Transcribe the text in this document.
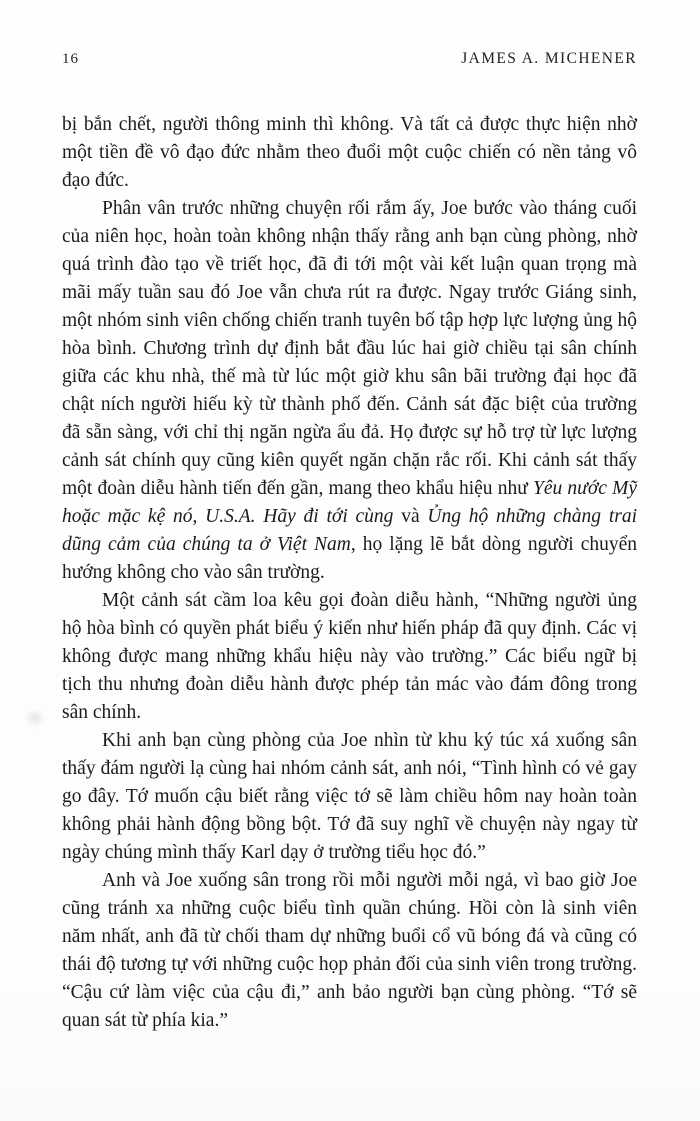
16	JAMES A. MICHENER

bị bắn chết, người thông minh thì không. Và tất cả được thực hiện nhờ một tiền đề vô đạo đức nhằm theo đuổi một cuộc chiến có nền tảng vô đạo đức.

Phân vân trước những chuyện rối rắm ấy, Joe bước vào tháng cuối của niên học, hoàn toàn không nhận thấy rằng anh bạn cùng phòng, nhờ quá trình đào tạo về triết học, đã đi tới một vài kết luận quan trọng mà mãi mấy tuần sau đó Joe vẫn chưa rút ra được. Ngay trước Giáng sinh, một nhóm sinh viên chống chiến tranh tuyên bố tập hợp lực lượng ủng hộ hòa bình. Chương trình dự định bắt đầu lúc hai giờ chiều tại sân chính giữa các khu nhà, thế mà từ lúc một giờ khu sân bãi trường đại học đã chật ních người hiếu kỳ từ thành phố đến. Cảnh sát đặc biệt của trường đã sẵn sàng, với chỉ thị ngăn ngừa ẩu đả. Họ được sự hỗ trợ từ lực lượng cảnh sát chính quy cũng kiên quyết ngăn chặn rắc rối. Khi cảnh sát thấy một đoàn diễu hành tiến đến gần, mang theo khẩu hiệu như Yêu nước Mỹ hoặc mặc kệ nó, U.S.A. Hãy đi tới cùng và Ủng hộ những chàng trai dũng cảm của chúng ta ở Việt Nam, họ lặng lẽ bắt dòng người chuyển hướng không cho vào sân trường.

Một cảnh sát cầm loa kêu gọi đoàn diễu hành, “Những người ủng hộ hòa bình có quyền phát biểu ý kiến như hiến pháp đã quy định. Các vị không được mang những khẩu hiệu này vào trường.” Các biểu ngữ bị tịch thu nhưng đoàn diễu hành được phép tản mác vào đám đông trong sân chính.

Khi anh bạn cùng phòng của Joe nhìn từ khu ký túc xá xuống sân thấy đám người lạ cùng hai nhóm cảnh sát, anh nói, “Tình hình có vẻ gay go đây. Tớ muốn cậu biết rằng việc tớ sẽ làm chiều hôm nay hoàn toàn không phải hành động bồng bột. Tớ đã suy nghĩ về chuyện này ngay từ ngày chúng mình thấy Karl dạy ở trường tiểu học đó.”

Anh và Joe xuống sân trong rồi mỗi người mỗi ngả, vì bao giờ Joe cũng tránh xa những cuộc biểu tình quần chúng. Hồi còn là sinh viên năm nhất, anh đã từ chối tham dự những buổi cổ vũ bóng đá và cũng có thái độ tương tự với những cuộc họp phản đối của sinh viên trong trường. “Cậu cứ làm việc của cậu đi,” anh bảo người bạn cùng phòng. “Tớ sẽ quan sát từ phía kia.”
